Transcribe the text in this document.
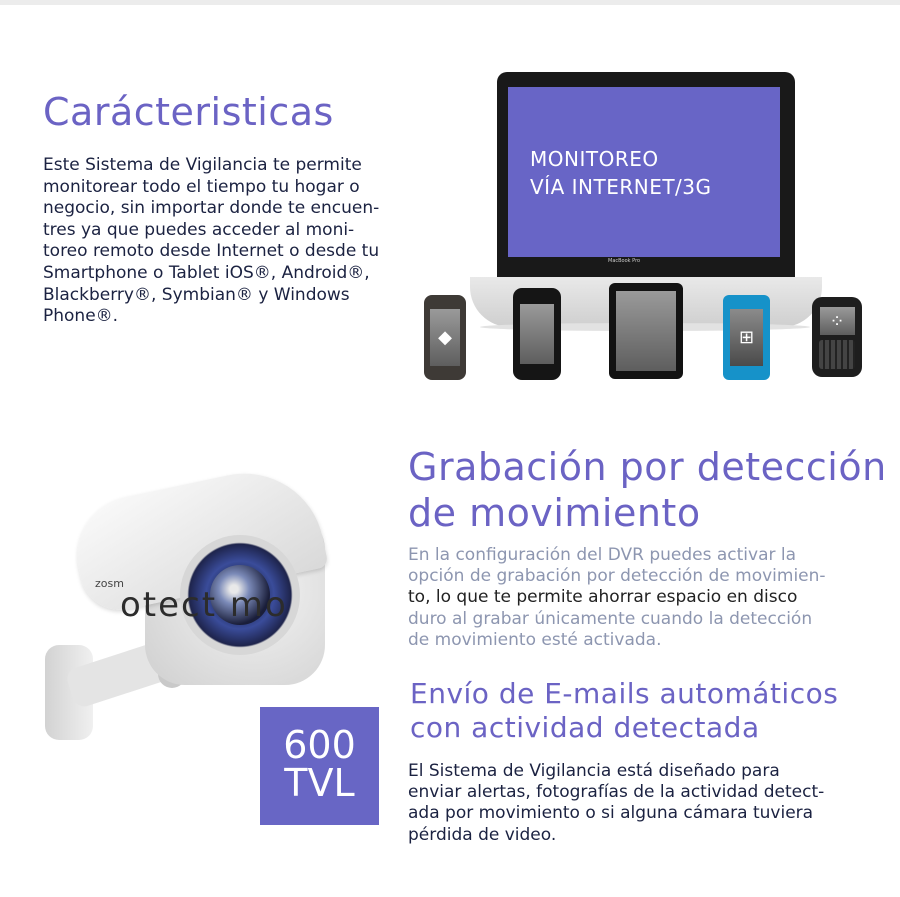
Carácteristicas

Este Sistema de Vigilancia te permite
monitorear todo el tiempo tu hogar o
negocio, sin importar donde te encuen-
tres ya que puedes acceder al moni-
toreo remoto desde Internet o desde tu
Smartphone o Tablet iOS®, Android®,
Blackberry®, Symbian® y Windows
Phone®.

MONITOREO
VÍA INTERNET/3G
MacBook Pro
◆	⊞
⁘
zosm
otect mo
600
TVL
Grabación por detección
de movimiento

En la configuración del DVR puedes activar la
opción de grabación por detección de movimien-
to, lo que te permite ahorrar espacio en disco
duro al grabar únicamente cuando la detección
de movimiento esté activada.

Envío de E-mails automáticos
con actividad detectada

El Sistema de Vigilancia está diseñado para
enviar alertas, fotografías de la actividad detect-
ada por movimiento o si alguna cámara tuviera
pérdida de video.
